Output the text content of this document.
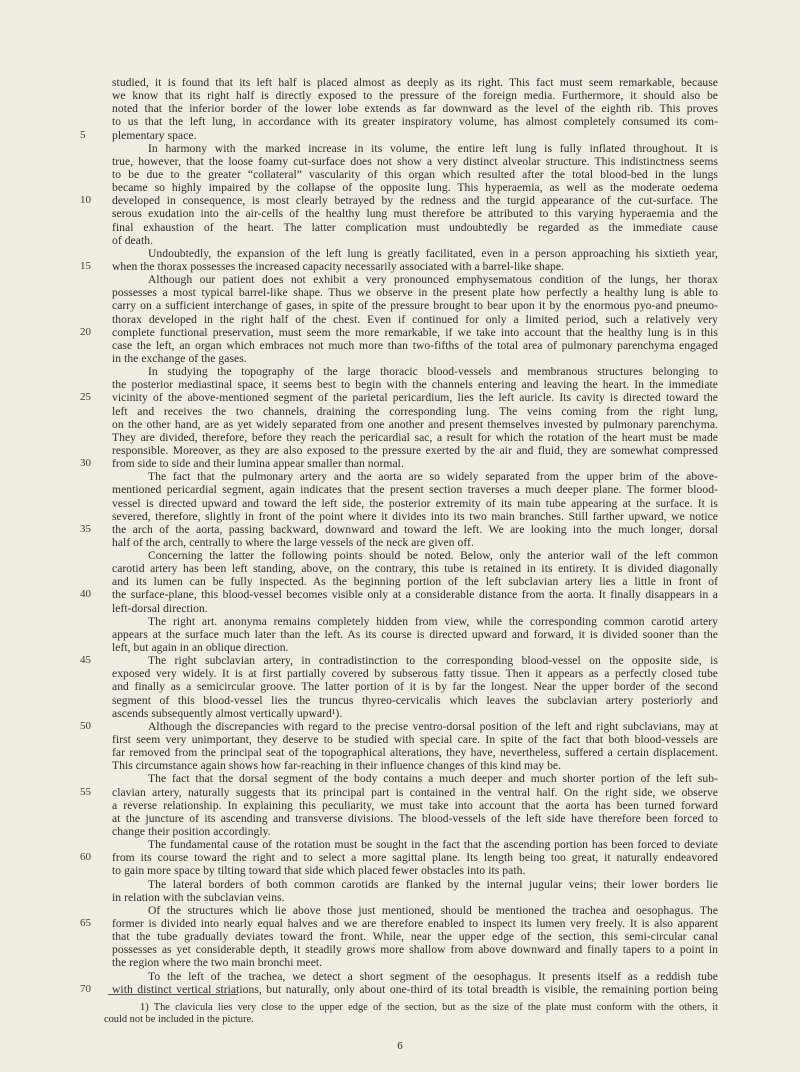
studied, it is found that its left half is placed almost as deeply as its right. This fact must seem remarkable, because
we know that its right half is directly exposed to the pressure of the foreign media. Furthermore, it should also be
noted that the inferior border of the lower lobe extends as far downward as the level of the eighth rib. This proves
to us that the left lung, in accordance with its greater inspiratory volume, has almost completely consumed its com-
5	plementary space.
In harmony with the marked increase in its volume, the entire left lung is fully inflated throughout. It is
true, however, that the loose foamy cut-surface does not show a very distinct alveolar structure. This indistinctness seems
to be due to the greater “collateral” vascularity of this organ which resulted after the total blood-bed in the lungs
became so highly impaired by the collapse of the opposite lung. This hyperaemia, as well as the moderate oedema
10	developed in consequence, is most clearly betrayed by the redness and the turgid appearance of the cut-surface. The
serous exudation into the air-cells of the healthy lung must therefore be attributed to this varying hyperaemia and the
final exhaustion of the heart. The latter complication must undoubtedly be regarded as the immediate cause
of death.
Undoubtedly, the expansion of the left lung is greatly facilitated, even in a person approaching his sixtieth year,
15	when the thorax possesses the increased capacity necessarily associated with a barrel-like shape.
Although our patient does not exhibit a very pronounced emphysematous condition of the lungs, her thorax
possesses a most typical barrel-like shape. Thus we observe in the present plate how perfectly a healthy lung is able to
carry on a sufficient interchange of gases, in spite of the pressure brought to bear upon it by the enormous pyo-and pneumo-
thorax developed in the right half of the chest. Even if continued for only a limited period, such a relatively very
20	complete functional preservation, must seem the more remarkable, if we take into account that the healthy lung is in this
case the left, an organ which embraces not much more than two-fifths of the total area of pulmonary parenchyma engaged
in the exchange of the gases.
In studying the topography of the large thoracic blood-vessels and membranous structures belonging to
the posterior mediastinal space, it seems best to begin with the channels entering and leaving the heart. In the immediate
25	vicinity of the above-mentioned segment of the parietal pericardium, lies the left auricle. Its cavity is directed toward the
left and receives the two channels, draining the corresponding lung. The veins coming from the right lung,
on the other hand, are as yet widely separated from one another and present themselves invested by pulmonary parenchyma.
They are divided, therefore, before they reach the pericardial sac, a result for which the rotation of the heart must be made
responsible. Moreover, as they are also exposed to the pressure exerted by the air and fluid, they are somewhat compressed
30	from side to side and their lumina appear smaller than normal.
The fact that the pulmonary artery and the aorta are so widely separated from the upper brim of the above-
mentioned pericardial segment, again indicates that the present section traverses a much deeper plane. The former blood-
vessel is directed upward and toward the left side, the posterior extremity of its main tube appearing at the surface. It is
severed, therefore, slightly in front of the point where it divides into its two main branches. Still farther upward, we notice
35	the arch of the aorta, passing backward, downward and toward the left. We are looking into the much longer, dorsal
half of the arch, centrally to where the large vessels of the neck are given off.
Concerning the latter the following points should be noted. Below, only the anterior wall of the left common
carotid artery has been left standing, above, on the contrary, this tube is retained in its entirety. It is divided diagonally
and its lumen can be fully inspected. As the beginning portion of the left subclavian artery lies a little in front of
40	the surface-plane, this blood-vessel becomes visible only at a considerable distance from the aorta. It finally disappears in a
left-dorsal direction.
The right art. anonyma remains completely hidden from view, while the corresponding common carotid artery
appears at the surface much later than the left. As its course is directed upward and forward, it is divided sooner than the
left, but again in an oblique direction.
45	The right subclavian artery, in contradistinction to the corresponding blood-vessel on the opposite side, is
exposed very widely. It is at first partially covered by subserous fatty tissue. Then it appears as a perfectly closed tube
and finally as a semicircular groove. The latter portion of it is by far the longest. Near the upper border of the second
segment of this blood-vessel lies the truncus thyreo-cervicalis which leaves the subclavian artery posteriorly and
ascends subsequently almost vertically upward¹).
50	Although the discrepancies with regard to the precise ventro-dorsal position of the left and right subclavians, may at
first seem very unimportant, they deserve to be studied with special care. In spite of the fact that both blood-vessels are
far removed from the principal seat of the topographical alterations, they have, nevertheless, suffered a certain displacement.
This circumstance again shows how far-reaching in their influence changes of this kind may be.
The fact that the dorsal segment of the body contains a much deeper and much shorter portion of the left sub-
55	clavian artery, naturally suggests that its principal part is contained in the ventral half. On the right side, we observe
a reverse relationship. In explaining this peculiarity, we must take into account that the aorta has been turned forward
at the juncture of its ascending and transverse divisions. The blood-vessels of the left side have therefore been forced to
change their position accordingly.
The fundamental cause of the rotation must be sought in the fact that the ascending portion has been forced to deviate
60	from its course toward the right and to select a more sagittal plane. Its length being too great, it naturally endeavored
to gain more space by tilting toward that side which placed fewer obstacles into its path.
The lateral borders of both common carotids are flanked by the internal jugular veins; their lower borders lie
in relation with the subclavian veins.
Of the structures which lie above those just mentioned, should be mentioned the trachea and oesophagus. The
65	former is divided into nearly equal halves and we are therefore enabled to inspect its lumen very freely. It is also apparent
that the tube gradually deviates toward the front. While, near the upper edge of the section, this semi-circular canal
possesses as yet considerable depth, it steadily grows more shallow from above downward and finally tapers to a point in
the region where the two main bronchi meet.
To the left of the trachea, we detect a short segment of the oesophagus. It presents itself as a reddish tube
70	with distinct vertical striations, but naturally, only about one-third of its total breadth is visible, the remaining portion being
1) The clavicula lies very close to the upper edge of the section, but as the size of the plate must conform with the others, it
could not be included in the picture.
6
